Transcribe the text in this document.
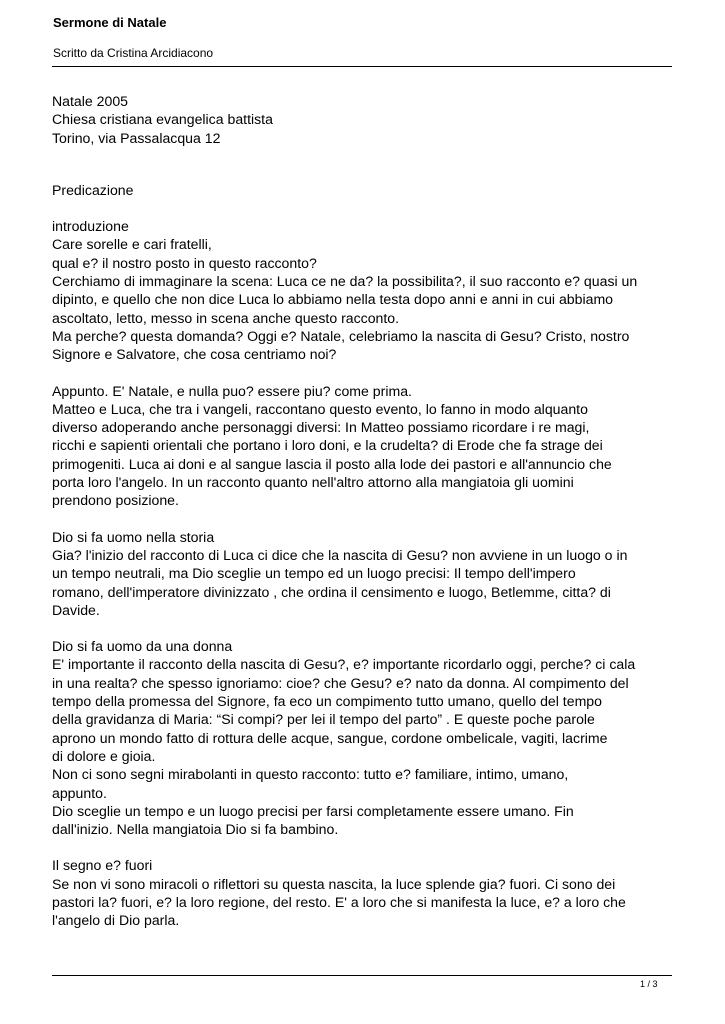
Sermone di Natale
Scritto da Cristina Arcidiacono
Natale 2005
Chiesa cristiana evangelica battista
Torino, via Passalacqua 12
Predicazione
introduzione
Care sorelle e cari fratelli,
qual e? il nostro posto in questo racconto?
Cerchiamo di immaginare la scena: Luca ce ne da? la possibilita?, il suo racconto e? quasi un
dipinto, e quello che non dice Luca lo abbiamo nella testa dopo anni e anni in cui abbiamo
ascoltato, letto, messo in scena anche questo racconto.
Ma perche? questa domanda? Oggi e? Natale, celebriamo la nascita di Gesu? Cristo, nostro
Signore e Salvatore, che cosa centriamo noi?
Appunto. E' Natale, e nulla puo? essere piu? come prima.
Matteo e Luca, che tra i vangeli, raccontano questo evento, lo fanno in modo alquanto
diverso adoperando anche personaggi diversi: In Matteo possiamo ricordare i re magi,
ricchi e sapienti orientali che portano i loro doni, e la crudelta? di Erode che fa strage dei
primogeniti. Luca ai doni e al sangue lascia il posto alla lode dei pastori e all'annuncio che
porta loro l'angelo. In un racconto quanto nell'altro attorno alla mangiatoia gli uomini
prendono posizione.
Dio si fa uomo nella storia
Gia? l'inizio del racconto di Luca ci dice che la nascita di Gesu? non avviene in un luogo o in
un tempo neutrali, ma Dio sceglie un tempo ed un luogo precisi: Il tempo dell'impero
romano, dell'imperatore divinizzato , che ordina il censimento e luogo, Betlemme, citta? di
Davide.
Dio si fa uomo da una donna
E' importante il racconto della nascita di Gesu?, e? importante ricordarlo oggi, perche? ci cala
in una realta? che spesso ignoriamo: cioe? che Gesu? e? nato da donna. Al compimento del
tempo della promessa del Signore, fa eco un compimento tutto umano, quello del tempo
della gravidanza di Maria: “Si compi? per lei il tempo del parto” . E queste poche parole
aprono un mondo fatto di rottura delle acque, sangue, cordone ombelicale, vagiti, lacrime
di dolore e gioia.
Non ci sono segni mirabolanti in questo racconto: tutto e? familiare, intimo, umano,
appunto.
Dio sceglie un tempo e un luogo precisi per farsi completamente essere umano. Fin
dall'inizio. Nella mangiatoia Dio si fa bambino.
Il segno e? fuori
Se non vi sono miracoli o riflettori su questa nascita, la luce splende gia? fuori. Ci sono dei
pastori la? fuori, e? la loro regione, del resto. E' a loro che si manifesta la luce, e? a loro che
l'angelo di Dio parla.
1 / 3
